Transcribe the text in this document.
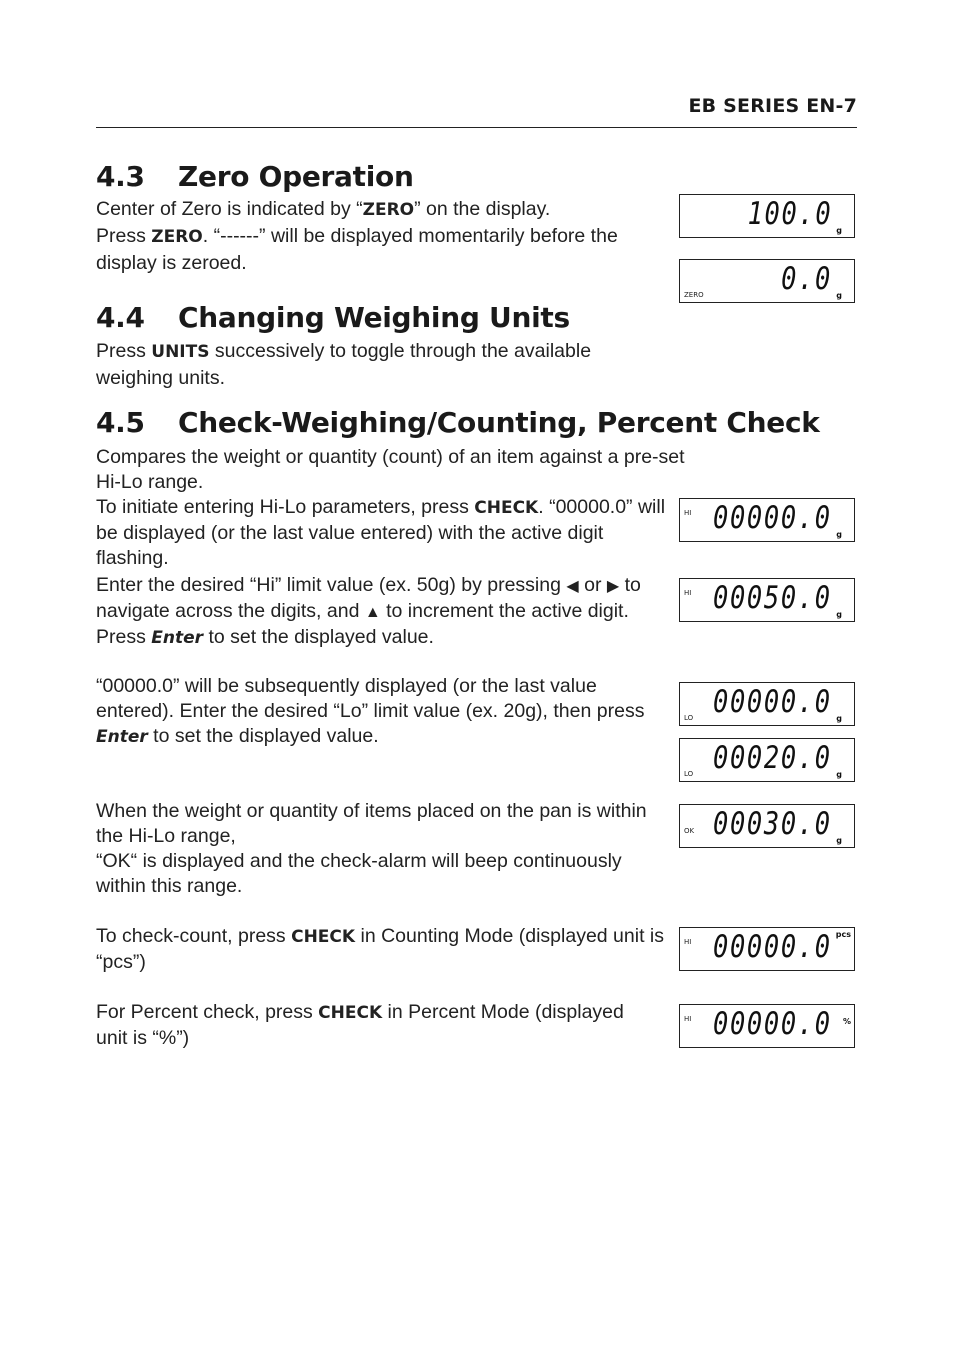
EB SERIES EN-7
4.3 Zero Operation

Center of Zero is indicated by “ZERO” on the display.

Press ZERO. “------” will be displayed momentarily before the display is zeroed.

4.4 Changing Weighing Units

Press UNITS successively to toggle through the available weighing units.

4.5 Check-Weighing/Counting, Percent Check

Compares the weight or quantity (count) of an item against a pre-set Hi-Lo range.

To initiate entering Hi-Lo parameters, press CHECK. “00000.0” will be displayed (or the last value entered) with the active digit flashing.

Enter the desired “Hi” limit value (ex. 50g) by pressing ◀ or ▶ to navigate across the digits, and ▲ to increment the active digit. Press Enter to set the displayed value.

“00000.0” will be subsequently displayed (or the last value entered). Enter the desired “Lo” limit value (ex. 20g), then press Enter to set the displayed value.

When the weight or quantity of items placed on the pan is within the Hi-Lo range,

“OK“ is displayed and the check-alarm will beep continuously within this range.

To check-count, press CHECK in Counting Mode (displayed unit is “pcs”)

For Percent check, press CHECK in Percent Mode (displayed unit is “%”)

100.0 g
ZERO	0.0 g
HI 00000.0 g
HI 00050.0 g
LO 00000.0 g
LO 00020.0 g
OK 00030.0 g
HI 00000.0 pcs
HI 00000.0 %
